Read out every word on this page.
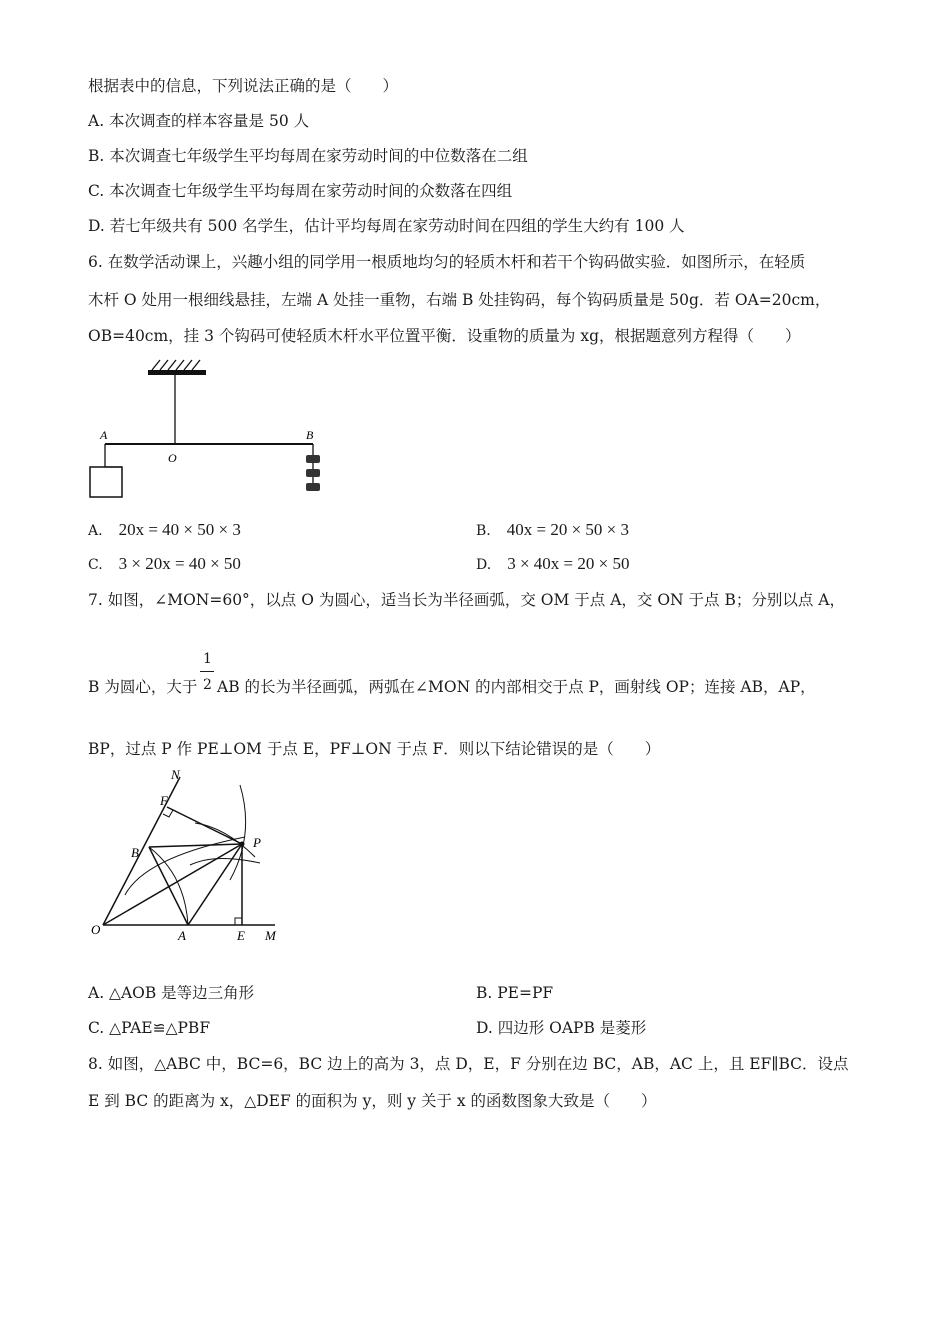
根据表中的信息，下列说法正确的是（　　）
A. 本次调查的样本容量是 50 人
B. 本次调查七年级学生平均每周在家劳动时间的中位数落在二组
C. 本次调查七年级学生平均每周在家劳动时间的众数落在四组
D. 若七年级共有 500 名学生，估计平均每周在家劳动时间在四组的学生大约有 100 人
6. 在数学活动课上，兴趣小组的同学用一根质地均匀的轻质木杆和若干个钩码做实验．如图所示，在轻质
木杆 O 处用一根细线悬挂，左端 A 处挂一重物，右端 B 处挂钩码，每个钩码质量是 50g．若 OA=20cm，
OB=40cm，挂 3 个钩码可使轻质木杆水平位置平衡．设重物的质量为 xg，根据题意列方程得（　　）
A
O
B
A. 20x = 40 × 50 × 3	B. 40x = 20 × 50 × 3
C. 3 × 20x = 40 × 50	D. 3 × 40x = 20 × 50
7. 如图，∠MON=60°，以点 O 为圆心，适当长为半径画弧，交 OM 于点 A，交 ON 于点 B；分别以点 A，
1
2
B 为圆心，大于 AB 的长为半径画弧，两弧在∠MON 的内部相交于点 P，画射线 OP；连接 AB，AP，
BP，过点 P 作 PE⊥OM 于点 E，PF⊥ON 于点 F．则以下结论错误的是（　　）
N
F
B
P
O	A	E M
A. △AOB 是等边三角形	B. PE=PF
C. △PAE≌△PBF	D. 四边形 OAPB 是菱形
8. 如图，△ABC 中，BC=6，BC 边上的高为 3，点 D，E，F 分别在边 BC，AB，AC 上，且 EF∥BC．设点
E 到 BC 的距离为 x，△DEF 的面积为 y，则 y 关于 x 的函数图象大致是（　　）
